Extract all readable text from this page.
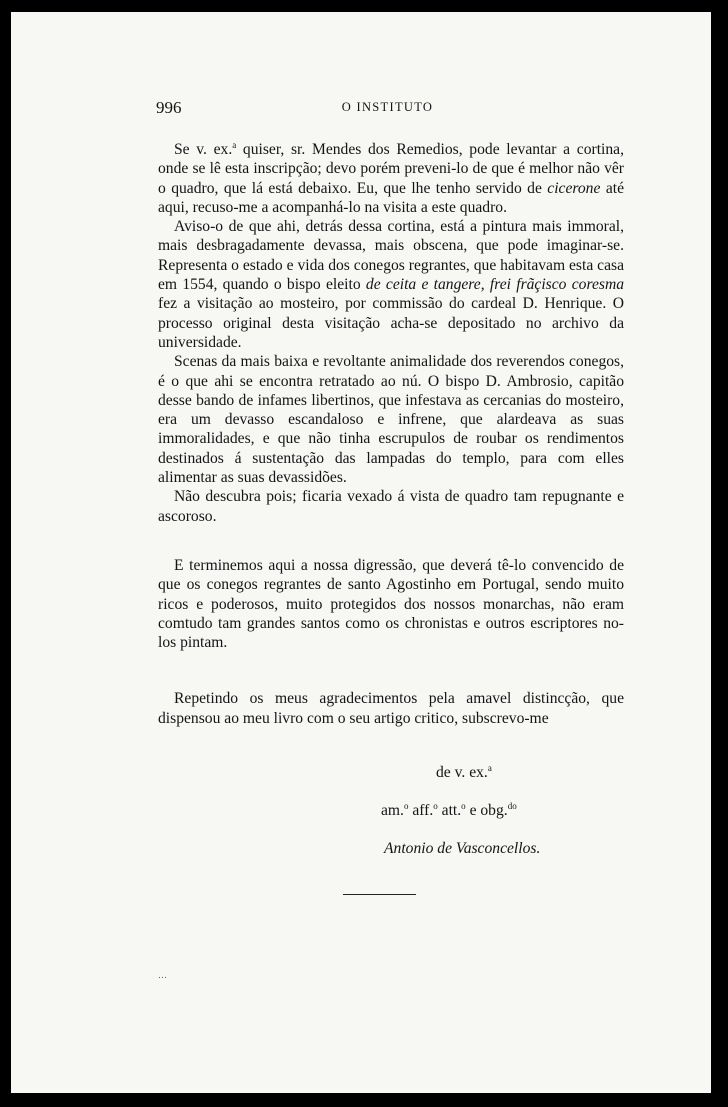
996	O INSTITUTO

Se v. ex.$^a$ quiser, sr. Mendes dos Remedios, pode levantar a cortina, onde se lê esta inscripção; devo porém preveni-lo de que é melhor não vêr o quadro, que lá está debaixo. Eu, que lhe tenho servido de cicerone até aqui, recuso-me a acompanhá-lo na visita a este quadro.

Aviso-o de que ahi, detrás dessa cortina, está a pintura mais immoral, mais desbragadamente devassa, mais obscena, que pode imaginar-se. Representa o estado e vida dos conegos regrantes, que habitavam esta casa em 1554, quando o bispo eleito de ceita e tangere, frei frãçisco coresma fez a visitação ao mosteiro, por commissão do cardeal D. Henrique. O processo original desta visitação acha-se depositado no archivo da universidade.

Scenas da mais baixa e revoltante animalidade dos reverendos conegos, é o que ahi se encontra retratado ao nú. O bispo D. Ambrosio, capitão desse bando de infames libertinos, que infestava as cercanias do mosteiro, era um devasso escandaloso e infrene, que alardeava as suas immoralidades, e que não tinha escrupulos de roubar os rendimentos destinados á sustentação das lampadas do templo, para com elles alimentar as suas devassidões.

Não descubra pois; ficaria vexado á vista de quadro tam repugnante e ascoroso.

E terminemos aqui a nossa digressão, que deverá tê-lo convencido de que os conegos regrantes de santo Agostinho em Portugal, sendo muito ricos e poderosos, muito protegidos dos nossos monarchas, não eram comtudo tam grandes santos como os chronistas e outros escriptores no-los pintam.

Repetindo os meus agradecimentos pela amavel distincção, que dispensou ao meu livro com o seu artigo critico, subscrevo-me

de v. ex.$^a$
am.$^o$ aff.$^o$ att.$^o$ e obg.$^{do}$
Antonio de Vasconcellos.
…
